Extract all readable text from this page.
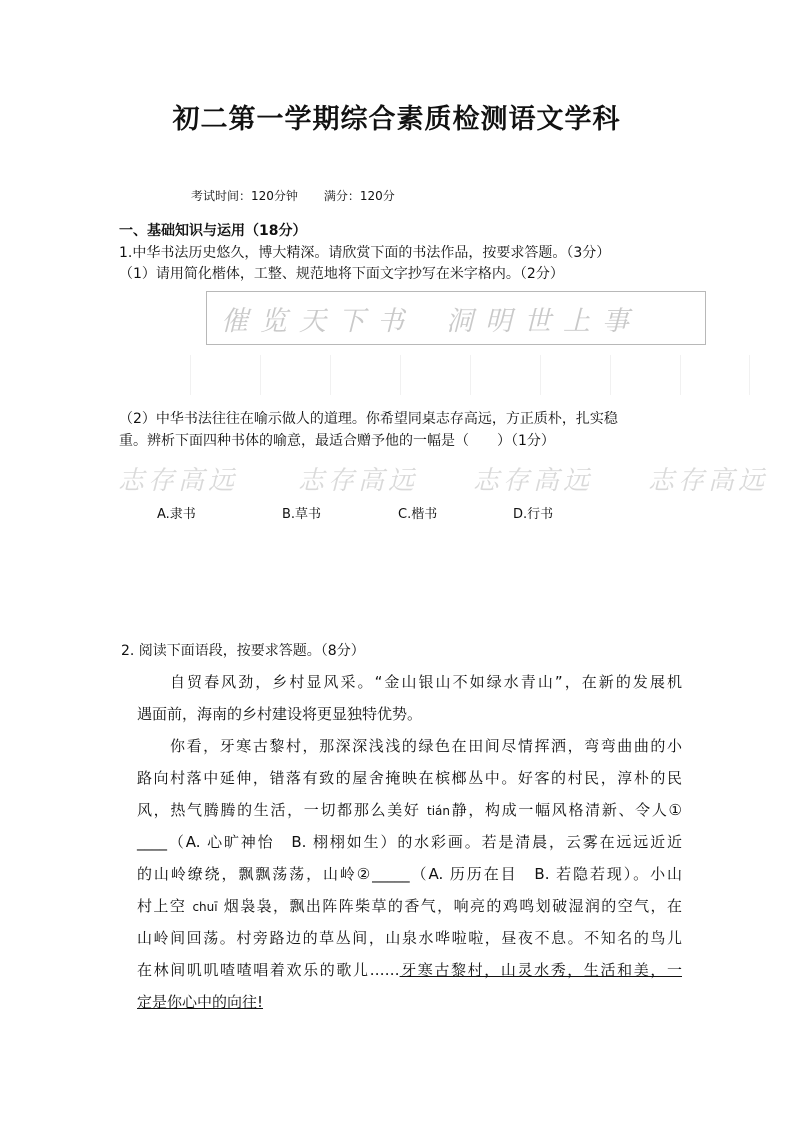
初二第一学期综合素质检测语文学科
考试时间：120分钟 满分：120分
一、基础知识与运用（18分）
1.中华书法历史悠久，博大精深。请欣赏下面的书法作品，按要求答题。（3分）
（1）请用简化楷体，工整、规范地将下面文字抄写在米字格内。（2分）
催览天下书 洞明世上事
（2）中华书法往往在喻示做人的道理。你希望同桌志存高远，方正质朴，扎实稳
重。辨析下面四种书体的喻意，最适合赠予他的一幅是（　　）（1分）
志存高远 志存高远 志存高远 志存高远
A.隶书	B.草书	C.楷书	D.行书
2. 阅读下面语段，按要求答题。（8分）
自贸春风劲，乡村显风采。“金山银山不如绿水青山”，在新的发展机
遇面前，海南的乡村建设将更显独特优势。
你看，牙寒古黎村，那深深浅浅的绿色在田间尽情挥洒，弯弯曲曲的小
路向村落中延伸，错落有致的屋舍掩映在槟榔丛中。好客的村民，淳朴的民
风，热气腾腾的生活，一切都那么美好 tián静，构成一幅风格清新、令人①
____（A. 心旷神怡　B. 栩栩如生）的水彩画。若是清晨，云雾在远远近近
的山岭缭绕，飘飘荡荡，山岭②_____（A. 历历在目　B. 若隐若现）。小山
村上空 chuī 烟袅袅，飘出阵阵柴草的香气，响亮的鸡鸣划破湿润的空气，在
山岭间回荡。村旁路边的草丛间，山泉水哗啦啦，昼夜不息。不知名的鸟儿
在林间叽叽喳喳唱着欢乐的歌儿……牙寒古黎村，山灵水秀，生活和美，一
定是你心中的向往!
